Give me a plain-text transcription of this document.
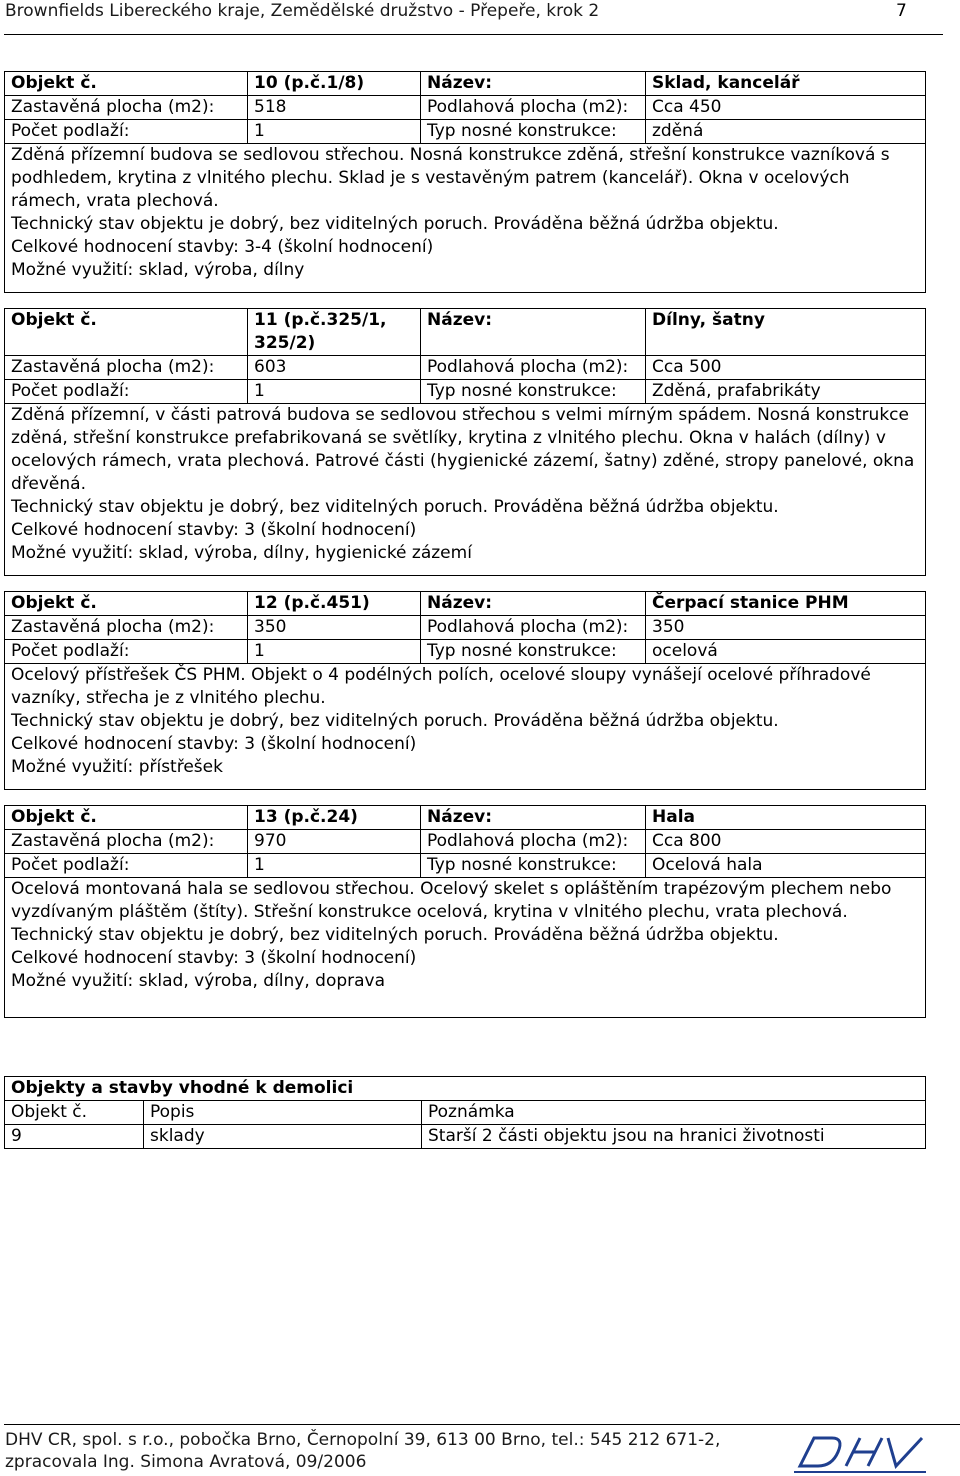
Brownfields Libereckého kraje, Zemědělské družstvo - Přepeře, krok 2	7
Objekt č.	10 (p.č.1/8)	Název:	Sklad, kancelář
Zastavěná plocha (m2):	518	Podlahová plocha (m2):	Cca 450
Počet podlaží:	1	Typ nosné konstrukce:	zděná

Zděná přízemní budova se sedlovou střechou. Nosná konstrukce zděná, střešní konstrukce vazníková s podhledem, krytina z vlnitého plechu. Sklad je s vestavěným patrem (kancelář). Okna v ocelových rámech, vrata plechová.
Technický stav objektu je dobrý, bez viditelných poruch. Prováděna běžná údržba objektu.
Celkové hodnocení stavby: 3-4 (školní hodnocení)
Možné využití: sklad, výroba, dílny			
Objekt č.	11 (p.č.325/1,
325/2)	Název:	Dílny, šatny
Zastavěná plocha (m2):	603	Podlahová plocha (m2):	Cca 500
Počet podlaží:	1	Typ nosné konstrukce:	Zděná, prafabrikáty

Zděná přízemní, v části patrová budova se sedlovou střechou s velmi mírným spádem. Nosná konstrukce zděná, střešní konstrukce prefabrikovaná se světlíky, krytina z vlnitého plechu. Okna v halách (dílny) v ocelových rámech, vrata plechová. Patrové části (hygienické zázemí, šatny) zděné, stropy panelové, okna dřevěná.
Technický stav objektu je dobrý, bez viditelných poruch. Prováděna běžná údržba objektu.
Celkové hodnocení stavby: 3 (školní hodnocení)
Možné využití: sklad, výroba, dílny, hygienické zázemí			
Objekt č.	12 (p.č.451)	Název:	Čerpací stanice PHM
Zastavěná plocha (m2):	350	Podlahová plocha (m2):	350
Počet podlaží:	1	Typ nosné konstrukce:	ocelová

Ocelový přístřešek ČS PHM. Objekt o 4 podélných polích, ocelové sloupy vynášejí ocelové příhradové vazníky, střecha je z vlnitého plechu.
Technický stav objektu je dobrý, bez viditelných poruch. Prováděna běžná údržba objektu.
Celkové hodnocení stavby: 3 (školní hodnocení)
Možné využití: přístřešek			
Objekt č.	13 (p.č.24)	Název:	Hala
Zastavěná plocha (m2):	970	Podlahová plocha (m2):	Cca 800
Počet podlaží:	1	Typ nosné konstrukce:	Ocelová hala

Ocelová montovaná hala se sedlovou střechou. Ocelový skelet s opláštěním trapézovým plechem nebo vyzdívaným pláštěm (štíty). Střešní konstrukce ocelová, krytina v vlnitého plechu, vrata plechová.
Technický stav objektu je dobrý, bez viditelných poruch. Prováděna běžná údržba objektu.
Celkové hodnocení stavby: 3 (školní hodnocení)
Možné využití: sklad, výroba, dílny, doprava			
Objekty a stavby vhodné k demolici		
Objekt č.	Popis	Poznámka
9	sklady	Starší 2 části objektu jsou na hranici životnosti
DHV CR, spol. s r.o., pobočka Brno, Černopolní 39, 613 00 Brno, tel.: 545 212 671-2,
zpracovala Ing. Simona Avratová, 09/2006
